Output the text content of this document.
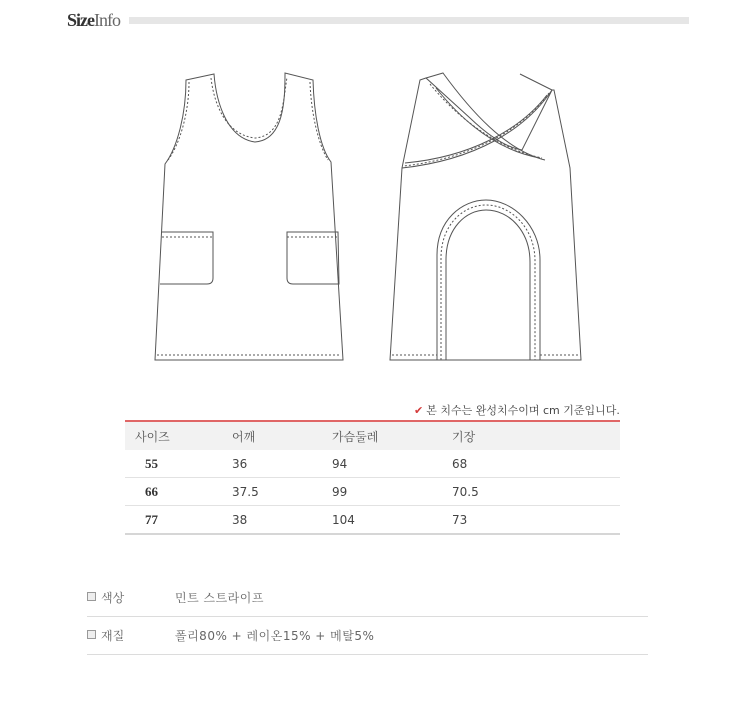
SizeInfo
✔ 본 치수는 완성치수이며 cm 기준입니다.
사이즈	어깨	가슴둘레	기장
55	36	94	68
66	37.5	99	70.5
77	38	104	73
색상	민트 스트라이프
재질	폴리80% + 레이온15% + 메탈5%
